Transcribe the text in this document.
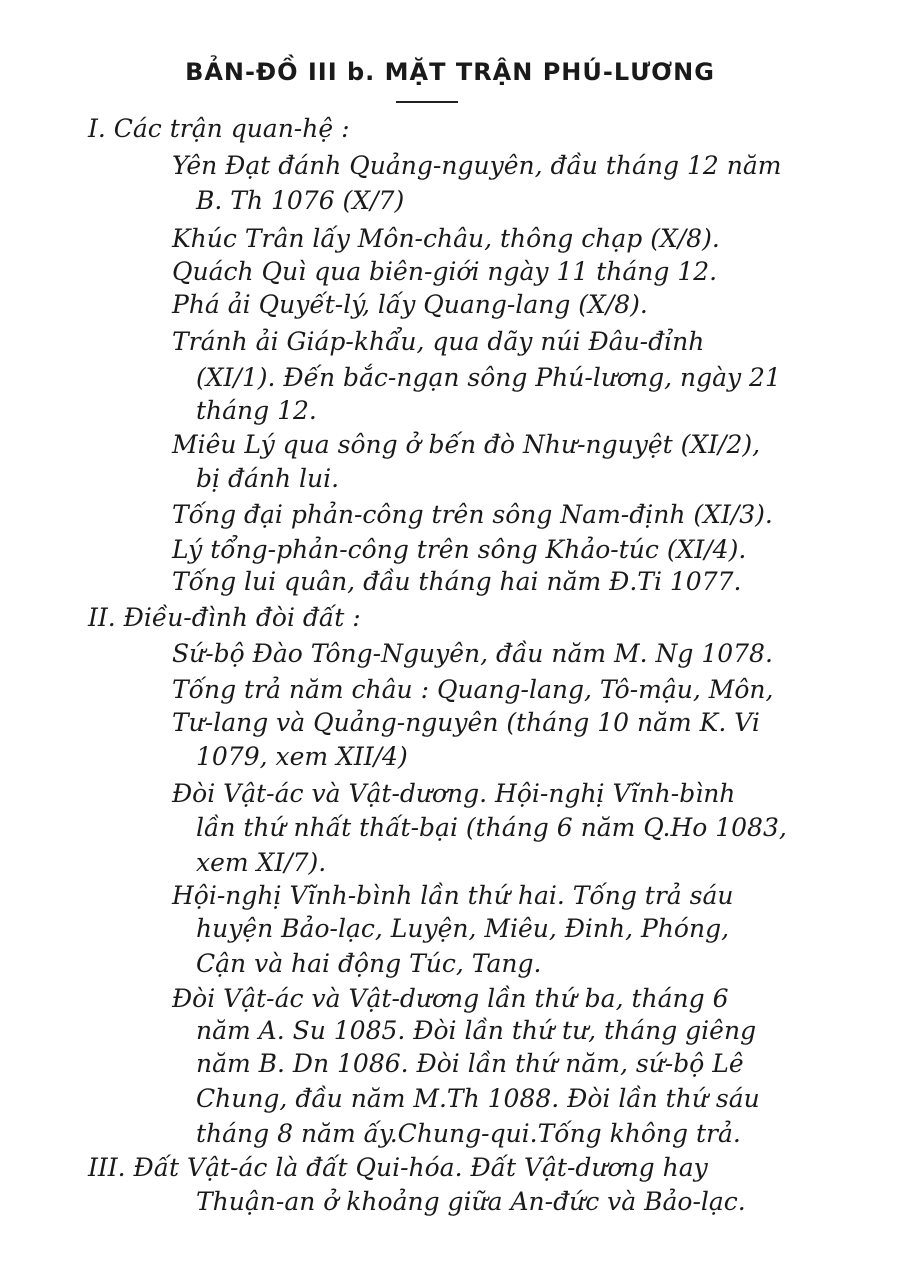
BẢN-ĐỒ III b. MẶT TRẬN PHÚ-LƯƠNG
I. Các trận quan-hệ :
Yên Đạt đánh Quảng-nguyên, đầu tháng 12 năm
B. Th 1076 (X/7)
Khúc Trân lấy Môn-châu, thông chạp (X/8).
Quách Quì qua biên-giới ngày 11 tháng 12.
Phá ải Quyết-lý, lấy Quang-lang (X/8).
Tránh ải Giáp-khẩu, qua dãy núi Đâu-đỉnh
(XI/1). Đến bắc-ngạn sông Phú-lương, ngày 21
tháng 12.
Miêu Lý qua sông ở bến đò Như-nguyệt (XI/2),
bị đánh lui.
Tống đại phản-công trên sông Nam-định (XI/3).
Lý tổng-phản-công trên sông Khảo-túc (XI/4).
Tống lui quân, đầu tháng hai năm Đ.Ti 1077.
II. Điều-đình đòi đất :
Sứ-bộ Đào Tông-Nguyên, đầu năm M. Ng 1078.
Tống trả năm châu : Quang-lang, Tô-mậu, Môn,
Tư-lang và Quảng-nguyên (tháng 10 năm K. Vi
1079, xem XII/4)
Đòi Vật-ác và Vật-dương. Hội-nghị Vĩnh-bình
lần thứ nhất thất-bại (tháng 6 năm Q.Ho 1083,
xem XI/7).
Hội-nghị Vĩnh-bình lần thứ hai. Tống trả sáu
huyện Bảo-lạc, Luyện, Miêu, Đinh, Phóng,
Cận và hai động Túc, Tang.
Đòi Vật-ác và Vật-dương lần thứ ba, tháng 6
năm A. Su 1085. Đòi lần thứ tư, tháng giêng
năm B. Dn 1086. Đòi lần thứ năm, sứ-bộ Lê
Chung, đầu năm M.Th 1088. Đòi lần thứ sáu
tháng 8 năm ấy.Chung-qui.Tống không trả.
III. Đất Vật-ác là đất Qui-hóa. Đất Vật-dương hay
Thuận-an ở khoảng giữa An-đức và Bảo-lạc.
